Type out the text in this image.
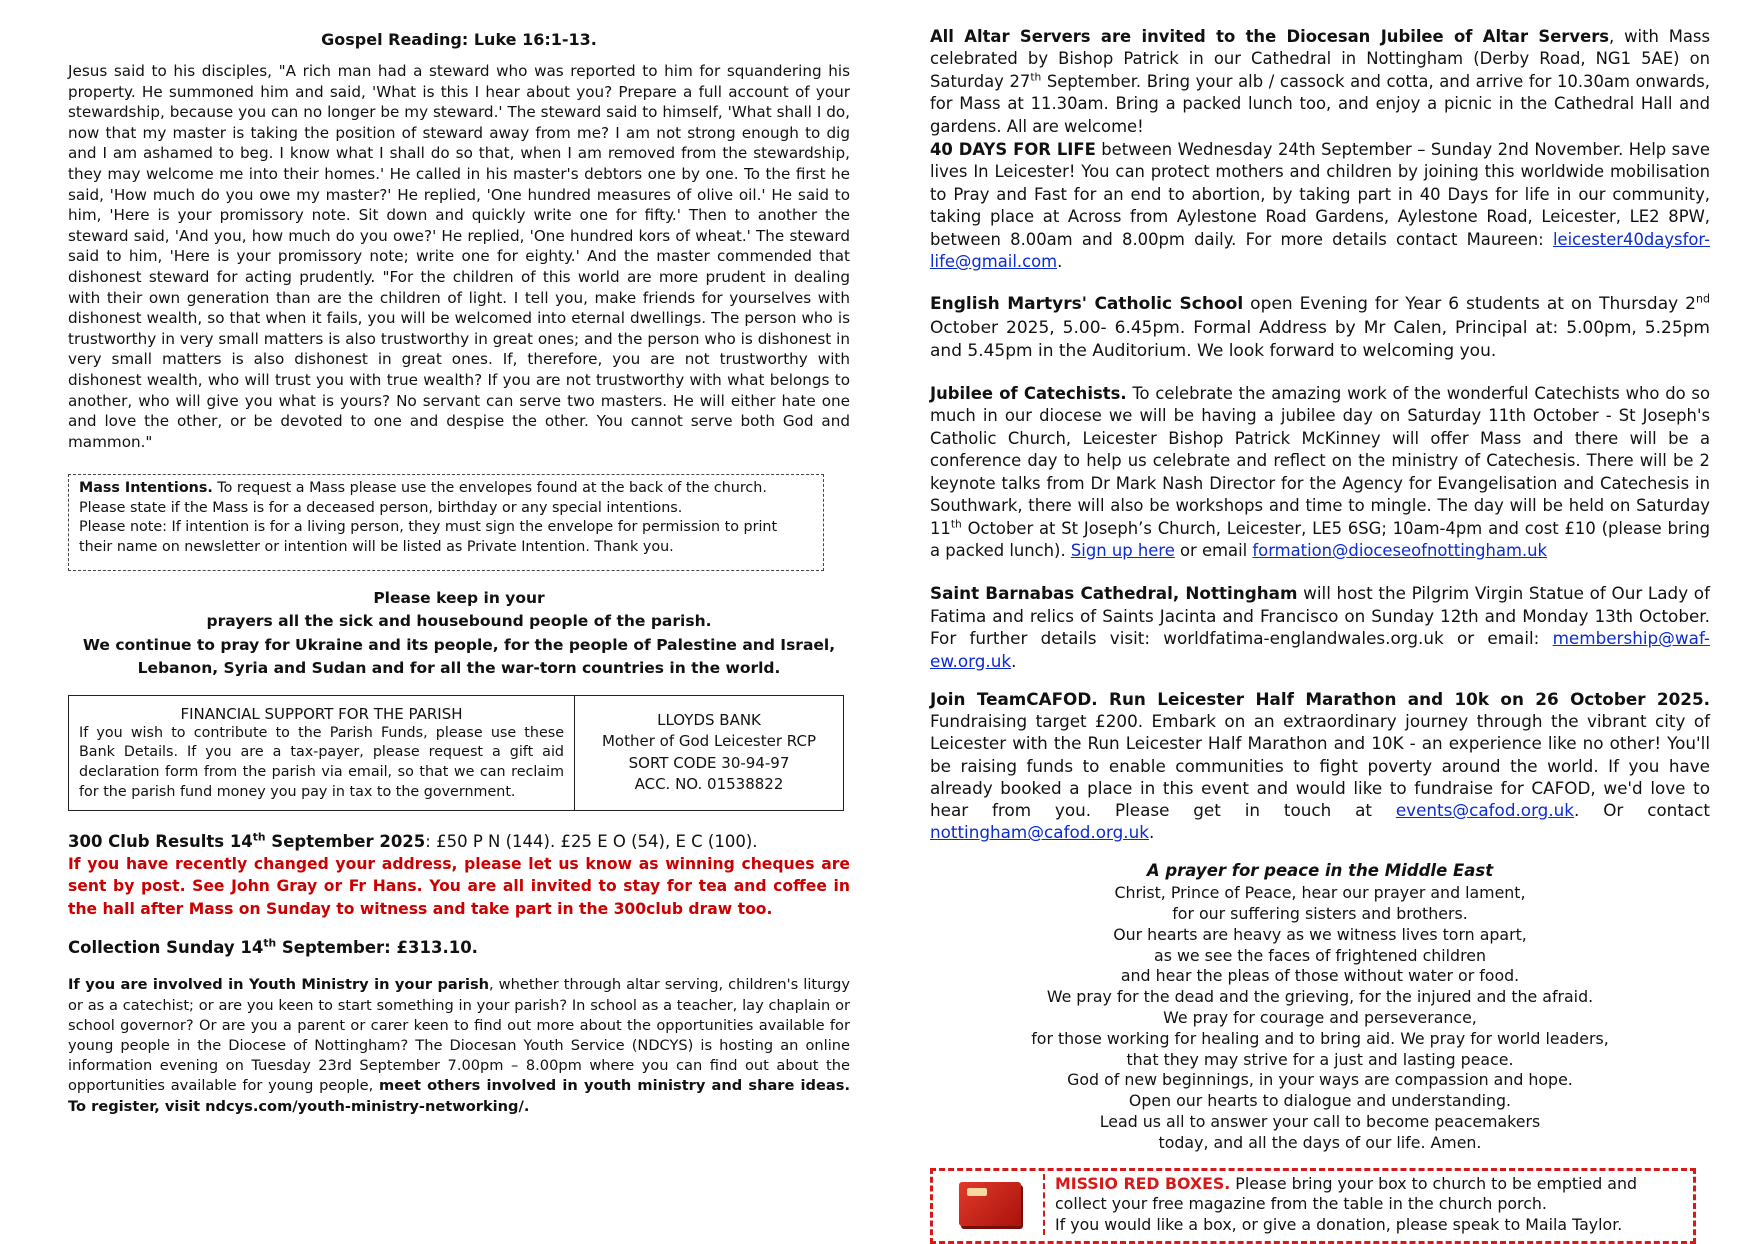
Gospel Reading: Luke 16:1-13.

Jesus said to his disciples, "A rich man had a steward who was reported to him for squandering his property. He summoned him and said, 'What is this I hear about you? Prepare a full account of your stewardship, because you can no longer be my steward.' The steward said to himself, 'What shall I do, now that my master is taking the position of steward away from me? I am not strong enough to dig and I am ashamed to beg. I know what I shall do so that, when I am removed from the stewardship, they may welcome me into their homes.' He called in his master's debtors one by one. To the first he said, 'How much do you owe my master?' He replied, 'One hundred measures of olive oil.' He said to him, 'Here is your promissory note. Sit down and quickly write one for fifty.' Then to another the steward said, 'And you, how much do you owe?' He replied, 'One hundred kors of wheat.' The steward said to him, 'Here is your promissory note; write one for eighty.' And the master commended that dishonest steward for acting prudently. "For the children of this world are more prudent in dealing with their own generation than are the children of light. I tell you, make friends for yourselves with dishonest wealth, so that when it fails, you will be welcomed into eternal dwellings. The person who is trustworthy in very small matters is also trustworthy in great ones; and the person who is dishonest in very small matters is also dishonest in great ones. If, therefore, you are not trustworthy with dishonest wealth, who will trust you with true wealth? If you are not trustworthy with what belongs to another, who will give you what is yours? No servant can serve two masters. He will either hate one and love the other, or be devoted to one and despise the other. You cannot serve both God and mammon."

Mass Intentions. To request a Mass please use the envelopes found at the back of the church.

Please state if the Mass is for a deceased person, birthday or any special intentions.

Please note: If intention is for a living person, they must sign the envelope for permission to print their name on newsletter or intention will be listed as Private Intention. Thank you.

Please keep in your

prayers all the sick and housebound people of the parish.

We continue to pray for Ukraine and its people, for the people of Palestine and Israel,

Lebanon, Syria and Sudan and for all the war-torn countries in the world.

FINANCIAL SUPPORT FOR THE PARISH

If you wish to contribute to the Parish Funds, please use these Bank Details. If you are a tax-payer, please request a gift aid declaration form from the parish via email, so that we can reclaim for the parish fund money you pay in tax to the government.

LLOYDS BANK

Mother of God Leicester RCP

SORT CODE 30-94-97

ACC. NO. 01538822

300 Club Results 14th September 2025: £50 P N (144). £25 E O (54), E C (100).

If you have recently changed your address, please let us know as winning cheques are sent by post. See John Gray or Fr Hans. You are all invited to stay for tea and coffee in the hall after Mass on Sunday to witness and take part in the 300club draw too.

Collection Sunday 14th September: £313.10.

If you are involved in Youth Ministry in your parish, whether through altar serving, children's liturgy or as a catechist; or are you keen to start something in your parish? In school as a teacher, lay chaplain or school governor? Or are you a parent or carer keen to find out more about the opportunities available for young people in the Diocese of Nottingham? The Diocesan Youth Service (NDCYS) is hosting an online information evening on Tuesday 23rd September 7.00pm – 8.00pm where you can find out about the opportunities available for young people, meet others involved in youth ministry and share ideas. To register, visit ndcys.com/youth-ministry-networking/.

All Altar Servers are invited to the Diocesan Jubilee of Altar Servers, with Mass celebrated by Bishop Patrick in our Cathedral in Nottingham (Derby Road, NG1 5AE) on Saturday 27th September. Bring your alb / cassock and cotta, and arrive for 10.30am onwards, for Mass at 11.30am. Bring a packed lunch too, and enjoy a picnic in the Cathedral Hall and gardens. All are welcome!

40 DAYS FOR LIFE between Wednesday 24th September – Sunday 2nd November. Help save lives In Leicester! You can protect mothers and children by joining this worldwide mobilisation to Pray and Fast for an end to abortion, by taking part in 40 Days for life in our community, taking place at Across from Aylestone Road Gardens, Aylestone Road, Leicester, LE2 8PW, between 8.00am and 8.00pm daily. For more details contact Maureen: leicester40daysfor-life@gmail.com.

English Martyrs' Catholic School open Evening for Year 6 students at on Thursday 2nd October 2025, 5.00- 6.45pm. Formal Address by Mr Calen, Principal at: 5.00pm, 5.25pm and 5.45pm in the Auditorium. We look forward to welcoming you.

Jubilee of Catechists. To celebrate the amazing work of the wonderful Catechists who do so much in our diocese we will be having a jubilee day on Saturday 11th October - St Joseph's Catholic Church, Leicester Bishop Patrick McKinney will offer Mass and there will be a conference day to help us celebrate and reflect on the ministry of Catechesis. There will be 2 keynote talks from Dr Mark Nash Director for the Agency for Evangelisation and Catechesis in Southwark, there will also be workshops and time to mingle. The day will be held on Saturday 11th October at St Joseph’s Church, Leicester, LE5 6SG; 10am-4pm and cost £10 (please bring a packed lunch). Sign up here or email formation@dioceseofnottingham.uk

Saint Barnabas Cathedral, Nottingham will host the Pilgrim Virgin Statue of Our Lady of Fatima and relics of Saints Jacinta and Francisco on Sunday 12th and Monday 13th October. For further details visit: worldfatima-englandwales.org.uk or email: membership@waf-ew.org.uk.

Join TeamCAFOD. Run Leicester Half Marathon and 10k on 26 October 2025. Fundraising target £200. Embark on an extraordinary journey through the vibrant city of Leicester with the Run Leicester Half Marathon and 10K - an experience like no other! You'll be raising funds to enable communities to fight poverty around the world. If you have already booked a place in this event and would like to fundraise for CAFOD, we'd love to hear from you. Please get in touch at events@cafod.org.uk. Or contact nottingham@cafod.org.uk.

A prayer for peace in the Middle East

Christ, Prince of Peace, hear our prayer and lament,

for our suffering sisters and brothers.

Our hearts are heavy as we witness lives torn apart,

as we see the faces of frightened children

and hear the pleas of those without water or food.

We pray for the dead and the grieving, for the injured and the afraid.

We pray for courage and perseverance,

for those working for healing and to bring aid. We pray for world leaders,

that they may strive for a just and lasting peace.

God of new beginnings, in your ways are compassion and hope.

Open our hearts to dialogue and understanding.

Lead us all to answer your call to become peacemakers

today, and all the days of our life. Amen.

MISSIO RED BOXES. Please bring your box to church to be emptied and collect your free magazine from the table in the church porch.

If you would like a box, or give a donation, please speak to Maila Taylor.
